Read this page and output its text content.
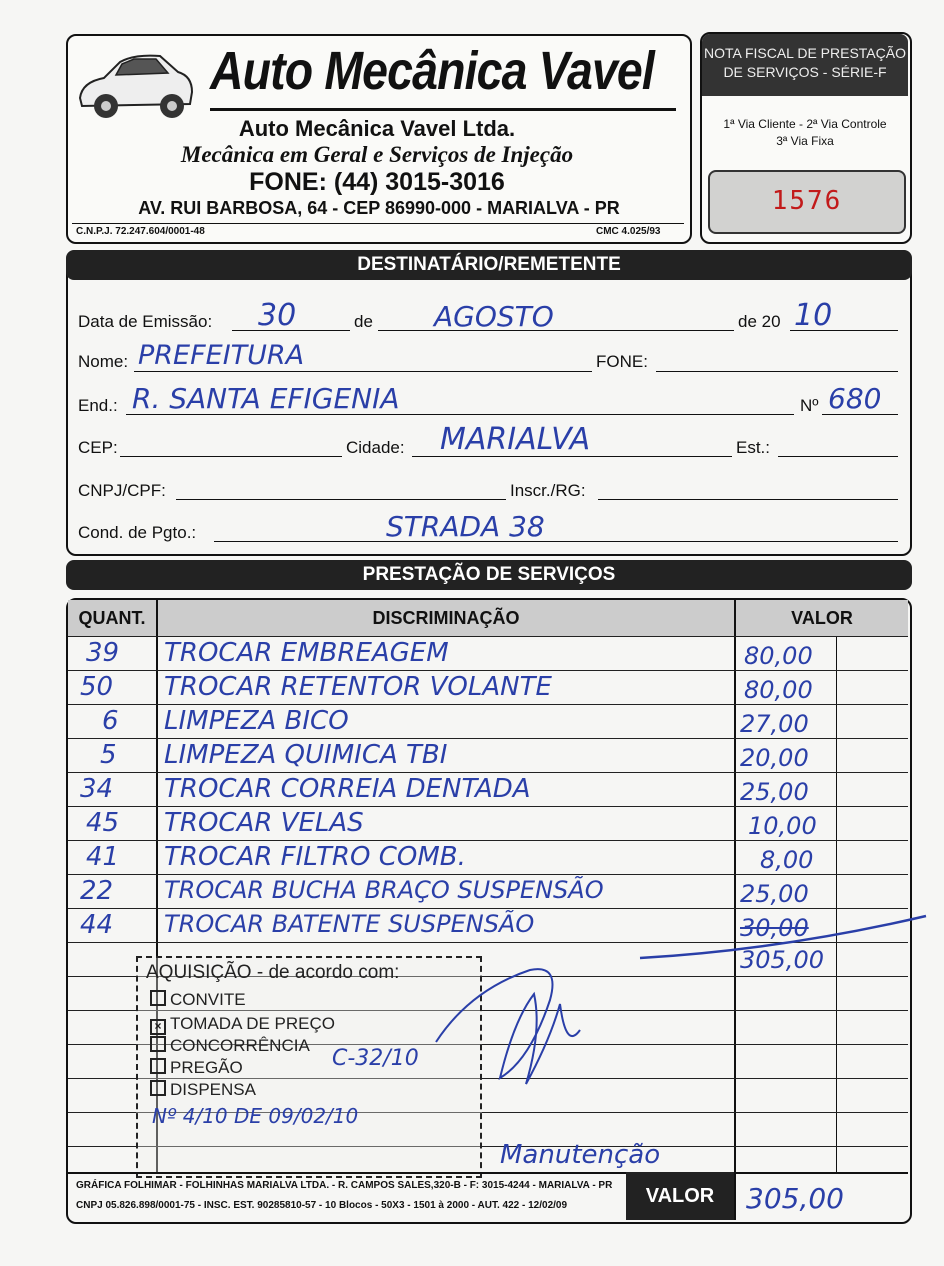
Auto Mecânica Vavel
Auto Mecânica Vavel Ltda.
Mecânica em Geral e Serviços de Injeção
FONE: (44) 3015-3016
AV. RUI BARBOSA, 64 - CEP 86990-000 - MARIALVA - PR
C.N.P.J. 72.247.604/0001-48	CMC 4.025/93
NOTA FISCAL DE PRESTAÇÃO
DE SERVIÇOS - SÉRIE-F
1ª Via Cliente - 2ª Via Controle
3ª Via Fixa
1576
DESTINATÁRIO/REMETENTE
Data de Emissão: 30	de AGOSTO	de 20 10
Nome: PREFEITURA	FONE:
End.: R. SANTA EFIGENIA	Nº 680
CEP:	Cidade: MARIALVA	Est.:
CNPJ/CPF:	Inscr./RG:
Cond. de Pgto.:	STRADA 38
PRESTAÇÃO DE SERVIÇOS
QUANT.	DISCRIMINAÇÃO	VALOR
39 TROCAR EMBREAGEM	80,00
50 TROCAR RETENTOR VOLANTE	80,00
6 LIMPEZA BICO	27,00
5 LIMPEZA QUIMICA TBI	20,00
34 TROCAR CORREIA DENTADA	25,00
45 TROCAR VELAS	10,00
41 TROCAR FILTRO COMB.	8,00
22 TROCAR BUCHA BRAÇO SUSPENSÃO	25,00
44 TROCAR BATENTE SUSPENSÃO	30,00
305,00
AQUISIÇÃO - de acordo com:
CONVITE
× TOMADA DE PREÇO
CONCORRÊNCIA
PREGÃO
DISPENSA
Nº 4/10 DE 09/02/10
C-32/10
Manutenção
GRÁFICA FOLHIMAR - FOLHINHAS MARIALVA LTDA. - R. CAMPOS SALES,320-B - F: 3015-4244 - MARIALVA - PR
CNPJ 05.826.898/0001-75 - INSC. EST. 90285810-57 - 10 Blocos - 50X3 - 1501 à 2000 - AUT. 422 - 12/02/09	VALOR	305,00
